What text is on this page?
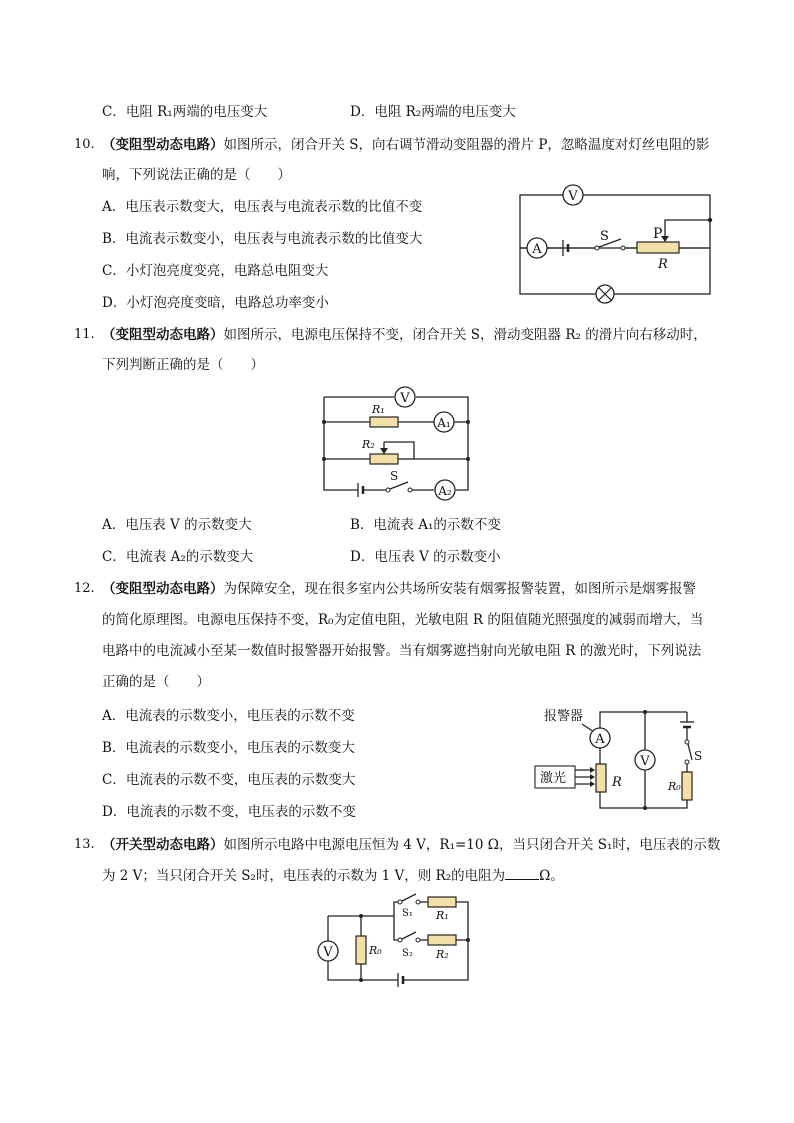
C．电阻 R₁两端的电压变大	D．电阻 R₂两端的电压变大
10. （变阻型动态电路）如图所示，闭合开关 S，向右调节滑动变阻器的滑片 P，忽略温度对灯丝电阻的影
响，下列说法正确的是（　　）
A．电压表示数变大，电压表与电流表示数的比值不变
B．电流表示数变小，电压表与电流表示数的比值变大
C．小灯泡亮度变亮，电路总电阻变大
D．小灯泡亮度变暗，电路总功率变小
V
A
S	P
R
11. （变阻型动态电路）如图所示，电源电压保持不变，闭合开关 S，滑动变阻器 R₂ 的滑片向右移动时，
下列判断正确的是（　　）
V
R₁
A₁
R₂
S
A₂
A．电压表 V 的示数变大	B．电流表 A₁的示数不变
C．电流表 A₂的示数变大	D．电压表 V 的示数变小
12. （变阻型动态电路）为保障安全，现在很多室内公共场所安装有烟雾报警装置，如图所示是烟雾报警
的简化原理图。电源电压保持不变，R₀为定值电阻，光敏电阻 R 的阻值随光照强度的减弱而增大，当
电路中的电流减小至某一数值时报警器开始报警。当有烟雾遮挡射向光敏电阻 R 的激光时，下列说法
正确的是（　　）
A．电流表的示数变小，电压表的示数不变
B．电流表的示数变小，电压表的示数变大
C．电流表的示数不变，电压表的示数变大
D．电流表的示数不变，电压表的示数不变
报警器
A
R
激光
V	S
R₀
13. （开关型动态电路）如图所示电路中电源电压恒为 4 V，R₁=10 Ω，当只闭合开关 S₁时，电压表的示数
为 2 V；当只闭合开关 S₂时，电压表的示数为 1 V，则 R₂的电阻为	Ω。
V	R₀
S₁ R₁
S₂ R₂
